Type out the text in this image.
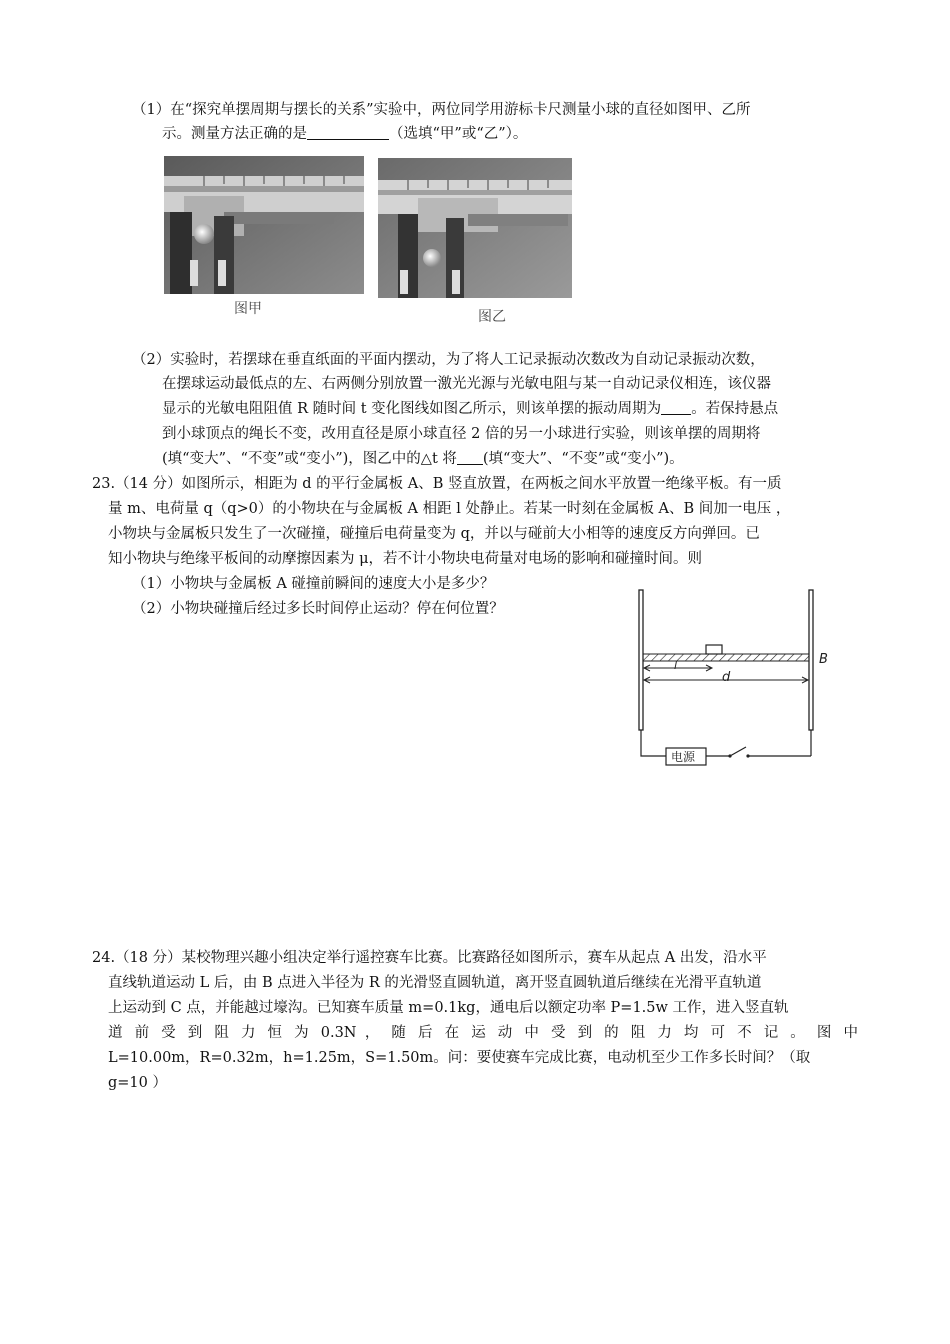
（1）在“探究单摆周期与摆长的关系”实验中，两位同学用游标卡尺测量小球的直径如图甲、乙所
示。测量方法正确的是	（选填“甲”或“乙”）。
图甲	图乙
（2）实验时，若摆球在垂直纸面的平面内摆动，为了将人工记录振动次数改为自动记录振动次数，
在摆球运动最低点的左、右两侧分别放置一激光光源与光敏电阻与某一自动记录仪相连，该仪器
显示的光敏电阻阻值 R 随时间 t 变化图线如图乙所示，则该单摆的振动周期为 。若保持悬点
到小球顶点的绳长不变，改用直径是原小球直径 2 倍的另一小球进行实验，则该单摆的周期将
(填“变大”、“不变”或“变小”)，图乙中的△t 将 (填“变大”、“不变”或“变小”)。
23.（14 分）如图所示，相距为 d 的平行金属板 A、B 竖直放置，在两板之间水平放置一绝缘平板。有一质
量 m、电荷量 q（q>0）的小物块在与金属板 A 相距 l 处静止。若某一时刻在金属板 A、B 间加一电压 ，
小物块与金属板只发生了一次碰撞，碰撞后电荷量变为 q，并以与碰前大小相等的速度反方向弹回。已
知小物块与绝缘平板间的动摩擦因素为 μ，若不计小物块电荷量对电场的影响和碰撞时间。则
（1）小物块与金属板 A 碰撞前瞬间的速度大小是多少？
（2）小物块碰撞后经过多长时间停止运动？停在何位置？
B
l
d
电源
24.（18 分）某校物理兴趣小组决定举行遥控赛车比赛。比赛路径如图所示，赛车从起点 A 出发，沿水平
直线轨道运动 L 后，由 B 点进入半径为 R 的光滑竖直圆轨道，离开竖直圆轨道后继续在光滑平直轨道
上运动到 C 点，并能越过壕沟。已知赛车质量 m=0.1kg，通电后以额定功率 P=1.5w 工作，进入竖直轨
道 前 受 到 阻 力 恒 为 0.3N ， 随 后 在 运 动 中 受 到 的 阻 力 均 可 不 记 。 图 中
L=10.00m，R=0.32m，h=1.25m，S=1.50m。问：要使赛车完成比赛，电动机至少工作多长时间？（取
g=10 ）
